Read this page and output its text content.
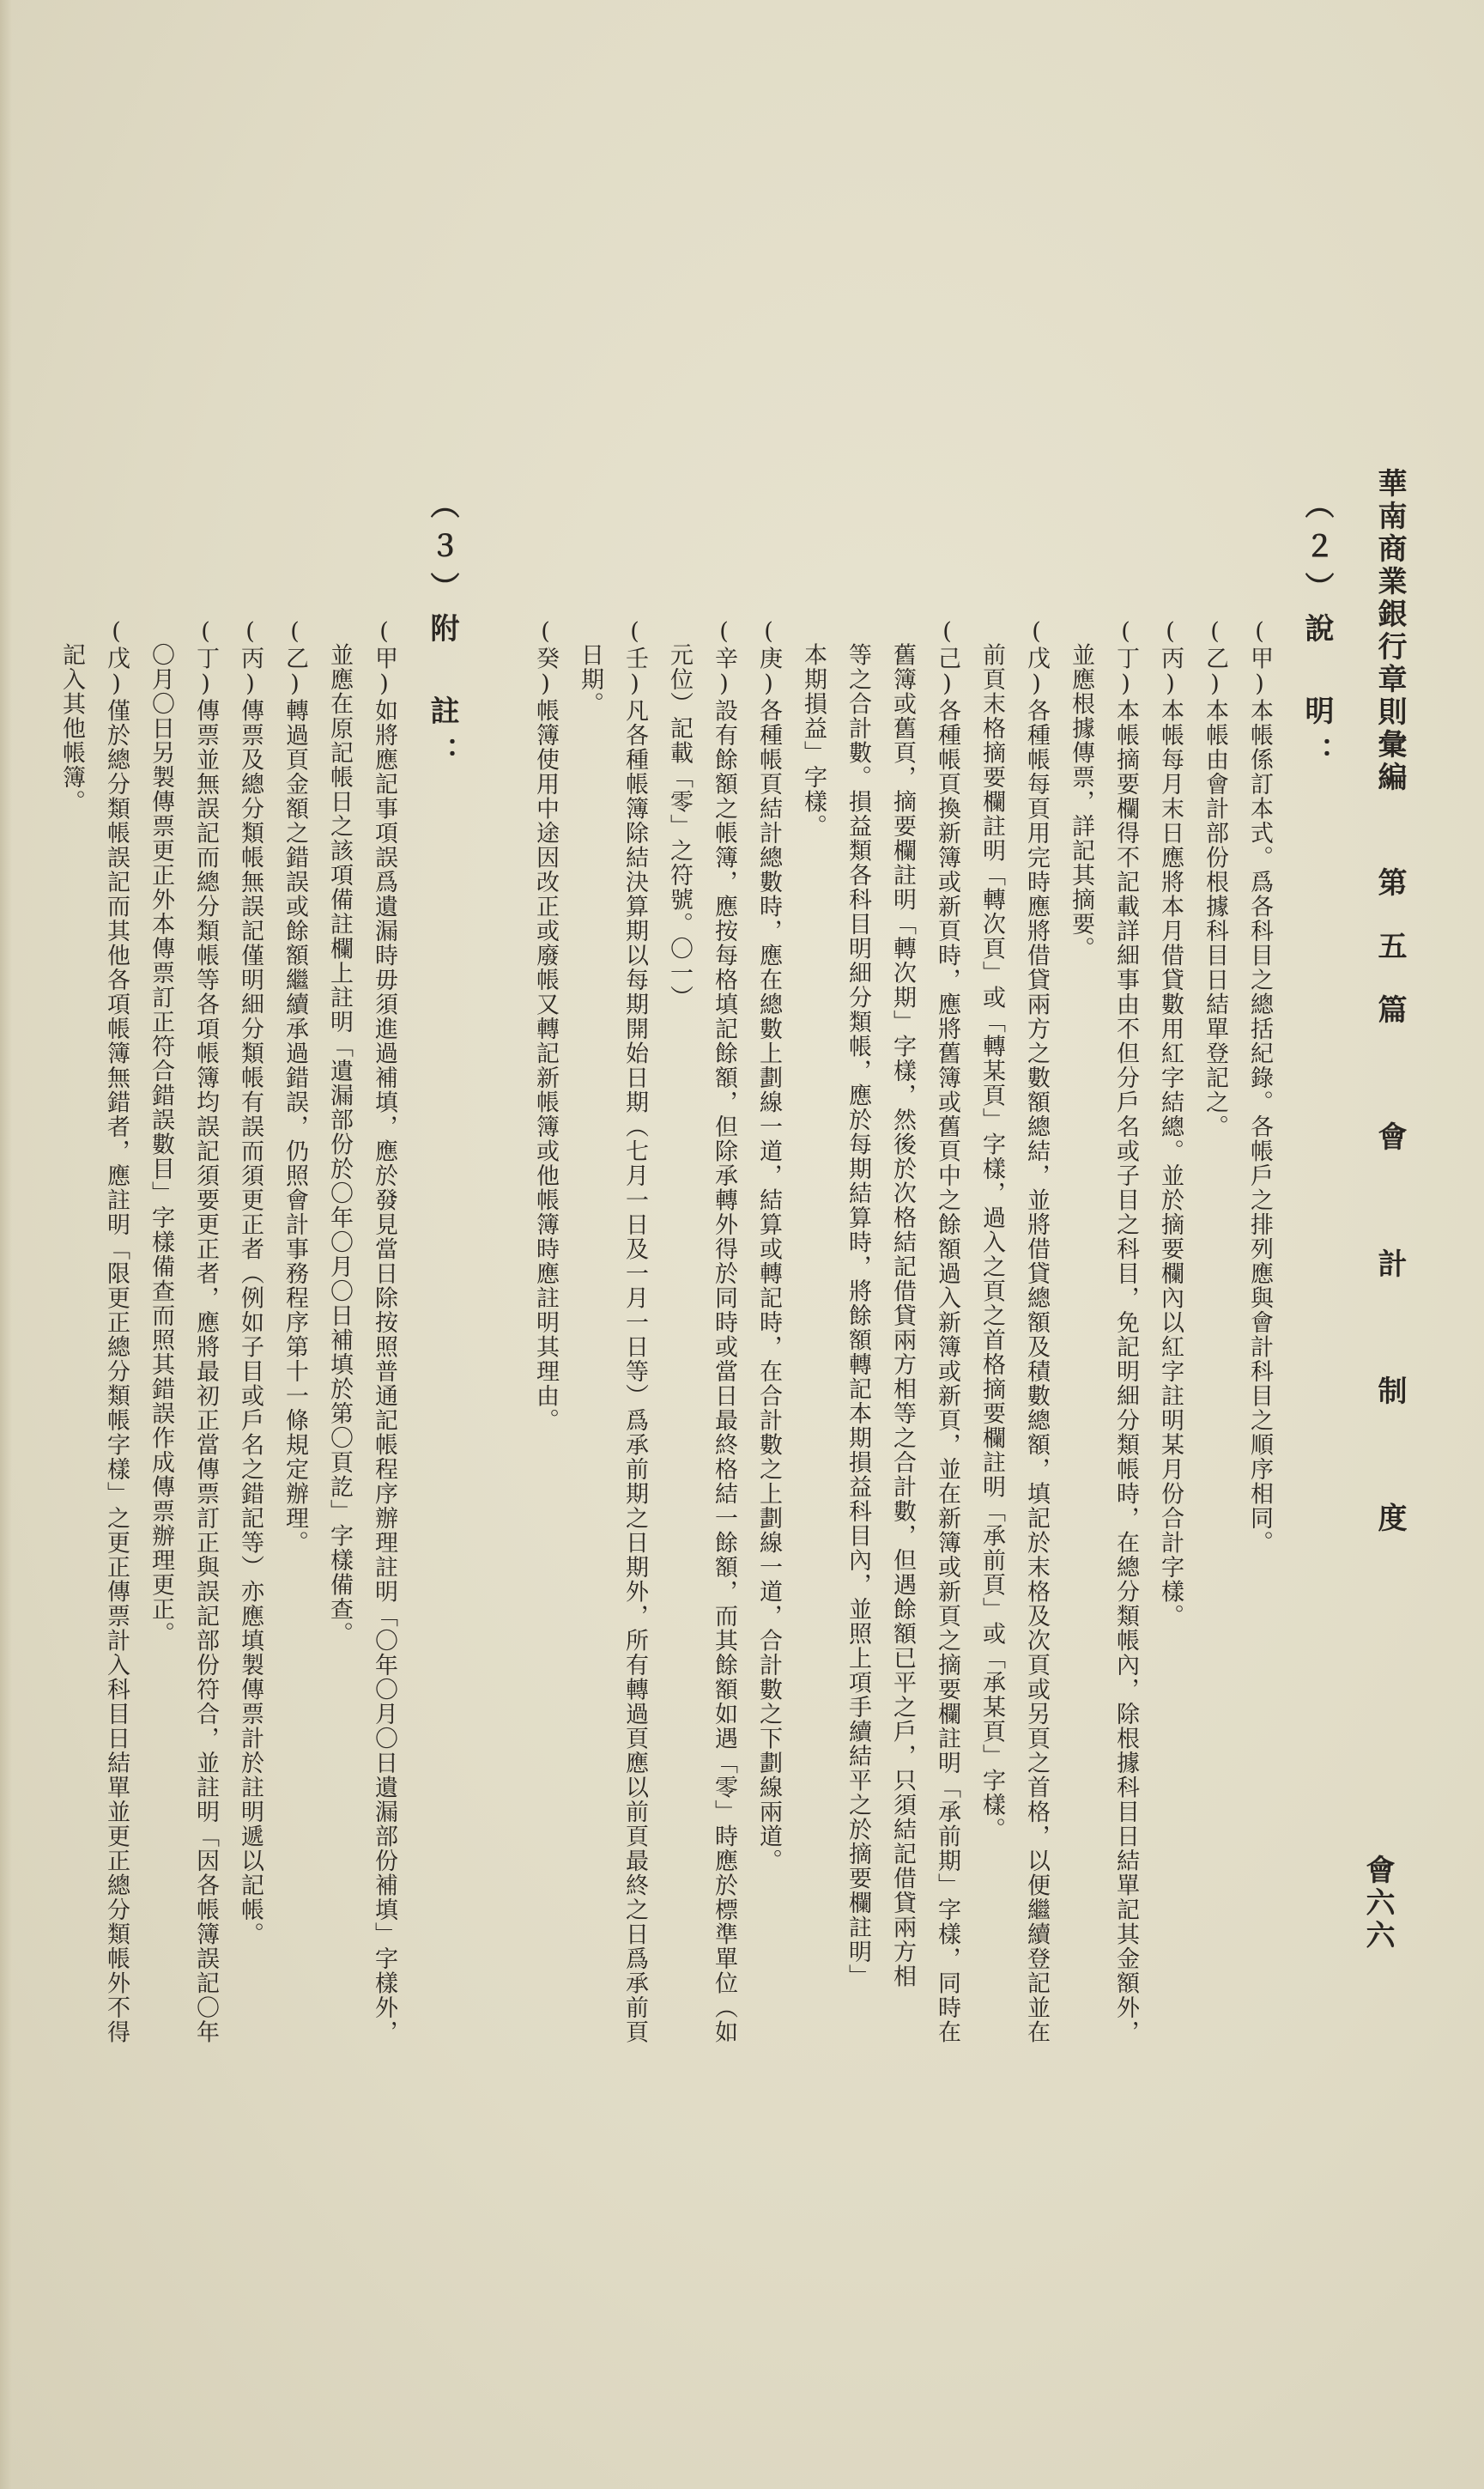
華南商業銀行章則彙編
第五篇　會　計　制　度
會六六
（２）說　明：
(甲)本帳係訂本式。爲各科目之總括紀錄。各帳戶之排列應與會計科目之順序相同。
(乙)本帳由會計部份根據科目日結單登記之。
(丙)本帳每月末日應將本月借貸數用紅字結總。並於摘要欄內以紅字註明某月份合計字樣。
(丁)本帳摘要欄得不記載詳細事由不但分戶名或子目之科目，免記明細分類帳時，在總分類帳內，除根據科目日結單記其金額外，
　並應根據傳票，詳記其摘要。
(戊)各種帳每頁用完時應將借貸兩方之數額總結，並將借貸總額及積數總額，填記於末格及次頁或另頁之首格，以便繼續登記並在
　前頁末格摘要欄註明「轉次頁」或「轉某頁」字樣，過入之頁之首格摘要欄註明「承前頁」或「承某頁」字樣。
(己)各種帳頁換新簿或新頁時，應將舊簿或舊頁中之餘額過入新簿或新頁，並在新簿或新頁之摘要欄註明「承前期」字樣，同時在
　舊簿或舊頁，摘要欄註明「轉次期」字樣，然後於次格結記借貸兩方相等之合計數，但遇餘額已平之戶，只須結記借貸兩方相
　等之合計數。損益類各科目明細分類帳，應於每期結算時，將餘額轉記本期損益科目內，並照上項手續結平之於摘要欄註明」
　本期損益」字樣。
(庚)各種帳頁結計總數時，應在總數上劃線一道，結算或轉記時，在合計數之上劃線一道，合計數之下劃線兩道。
(辛)設有餘額之帳簿，應按每格填記餘額，但除承轉外得於同時或當日最終格結一餘額，而其餘額如遇「零」時應於標準單位（如
　元位）記載「零」之符號。〇一）
(壬)凡各種帳簿除結決算期以每期開始日期（七月一日及一月一日等）爲承前期之日期外，所有轉過頁應以前頁最終之日爲承前頁
　日期。
(癸)帳簿使用中途因改正或廢帳又轉記新帳簿或他帳簿時應註明其理由。
（３）附　註：
(甲)如將應記事項誤爲遺漏時毋須進過補填，應於發見當日除按照普通記帳程序辦理註明「〇年〇月〇日遺漏部份補填」字樣外，
　並應在原記帳日之該項備註欄上註明「遺漏部份於〇年〇月〇日補填於第〇頁訖」字樣備查。
(乙)轉過頁金額之錯誤或餘額繼續承過錯誤，仍照會計事務程序第十一條規定辦理。
(丙)傳票及總分類帳無誤記僅明細分類帳有誤而須更正者（例如子目或戶名之錯記等）亦應填製傳票計於註明遞以記帳。
(丁)傳票並無誤記而總分類帳等各項帳簿均誤記須要更正者，應將最初正當傳票訂正與誤記部份符合，並註明「因各帳簿誤記〇年
　〇月〇日另製傳票更正外本傳票訂正符合錯誤數目」字樣備查而照其錯誤作成傳票辦理更正。
(戊)僅於總分類帳誤記而其他各項帳簿無錯者，應註明「限更正總分類帳字樣」之更正傳票計入科目日結單並更正總分類帳外不得
　記入其他帳簿。
